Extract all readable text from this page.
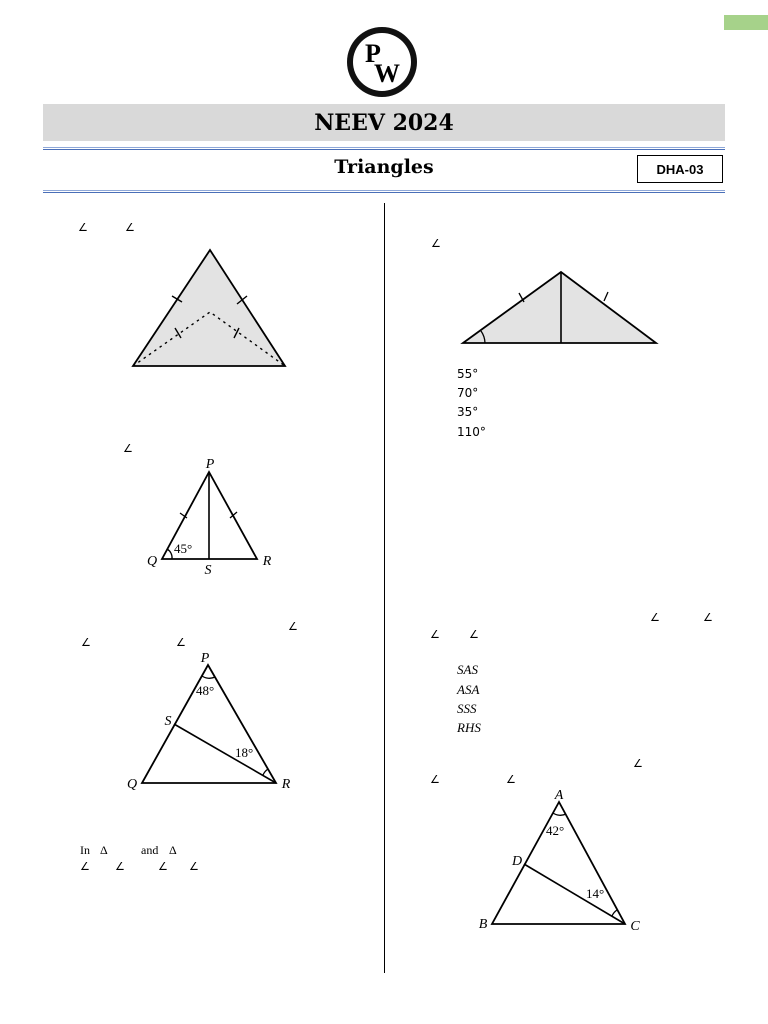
P
W
NEEV 2024
Triangles	DHA-03
∠	∠
∠
P
Q	R
S
45°
∠
∠	∠
P
Q	R
S
48°
18°
In Δ	and Δ
∠ ∠	∠ ∠
∠
55°
70°
35°
110°
∠	∠
∠	∠
SAS
ASA
SSS
RHS
∠
∠	∠
A
B	C
D
42°
14°
